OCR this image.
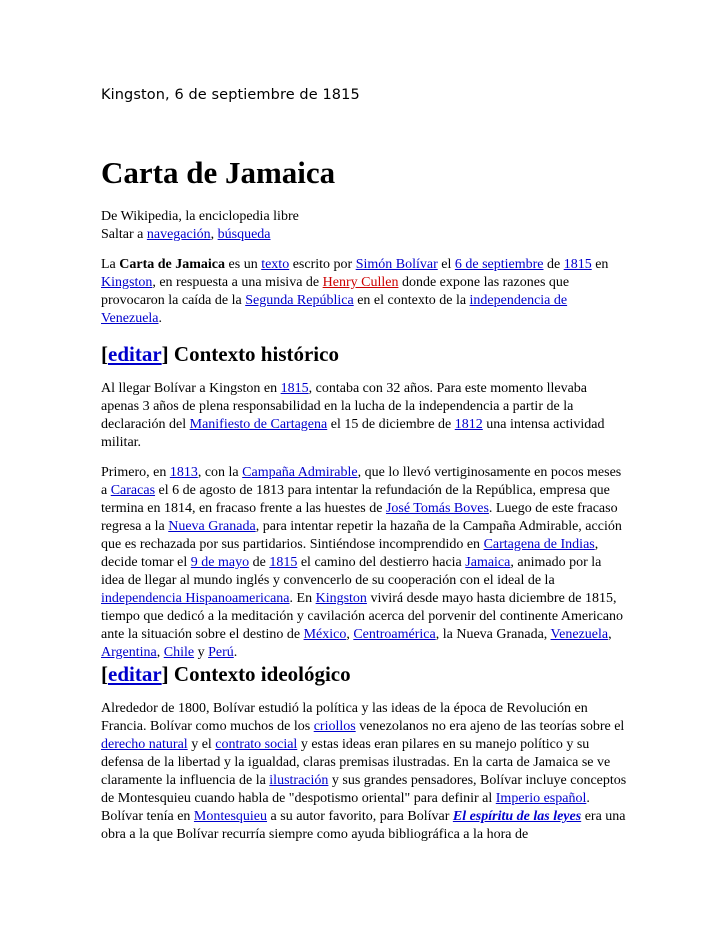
Kingston, 6 de septiembre de 1815
Carta de Jamaica
De Wikipedia, la enciclopedia libre
Saltar a navegación, búsqueda

La Carta de Jamaica es un texto escrito por Simón Bolívar el 6 de septiembre de 1815 en Kingston, en respuesta a una misiva de Henry Cullen donde expone las razones que provocaron la caída de la Segunda República en el contexto de la independencia de Venezuela.

[editar] Contexto histórico

Al llegar Bolívar a Kingston en 1815, contaba con 32 años. Para este momento llevaba apenas 3 años de plena responsabilidad en la lucha de la independencia a partir de la declaración del Manifiesto de Cartagena el 15 de diciembre de 1812 una intensa actividad militar.

Primero, en 1813, con la Campaña Admirable, que lo llevó vertiginosamente en pocos meses a Caracas el 6 de agosto de 1813 para intentar la refundación de la República, empresa que termina en 1814, en fracaso frente a las huestes de José Tomás Boves. Luego de este fracaso regresa a la Nueva Granada, para intentar repetir la hazaña de la Campaña Admirable, acción que es rechazada por sus partidarios. Sintiéndose incomprendido en Cartagena de Indias, decide tomar el 9 de mayo de 1815 el camino del destierro hacia Jamaica, animado por la idea de llegar al mundo inglés y convencerlo de su cooperación con el ideal de la independencia Hispanoamericana. En Kingston vivirá desde mayo hasta diciembre de 1815, tiempo que dedicó a la meditación y cavilación acerca del porvenir del continente Americano ante la situación sobre el destino de México, Centroamérica, la Nueva Granada, Venezuela, Argentina, Chile y Perú.

[editar] Contexto ideológico

Alrededor de 1800, Bolívar estudió la política y las ideas de la época de Revolución en Francia. Bolívar como muchos de los criollos venezolanos no era ajeno de las teorías sobre el derecho natural y el contrato social y estas ideas eran pilares en su manejo político y su defensa de la libertad y la igualdad, claras premisas ilustradas. En la carta de Jamaica se ve claramente la influencia de la ilustración y sus grandes pensadores, Bolívar incluye conceptos de Montesquieu cuando habla de "despotismo oriental" para definir al Imperio español. Bolívar tenía en Montesquieu a su autor favorito, para Bolívar El espíritu de las leyes era una obra a la que Bolívar recurría siempre como ayuda bibliográfica a la hora de
